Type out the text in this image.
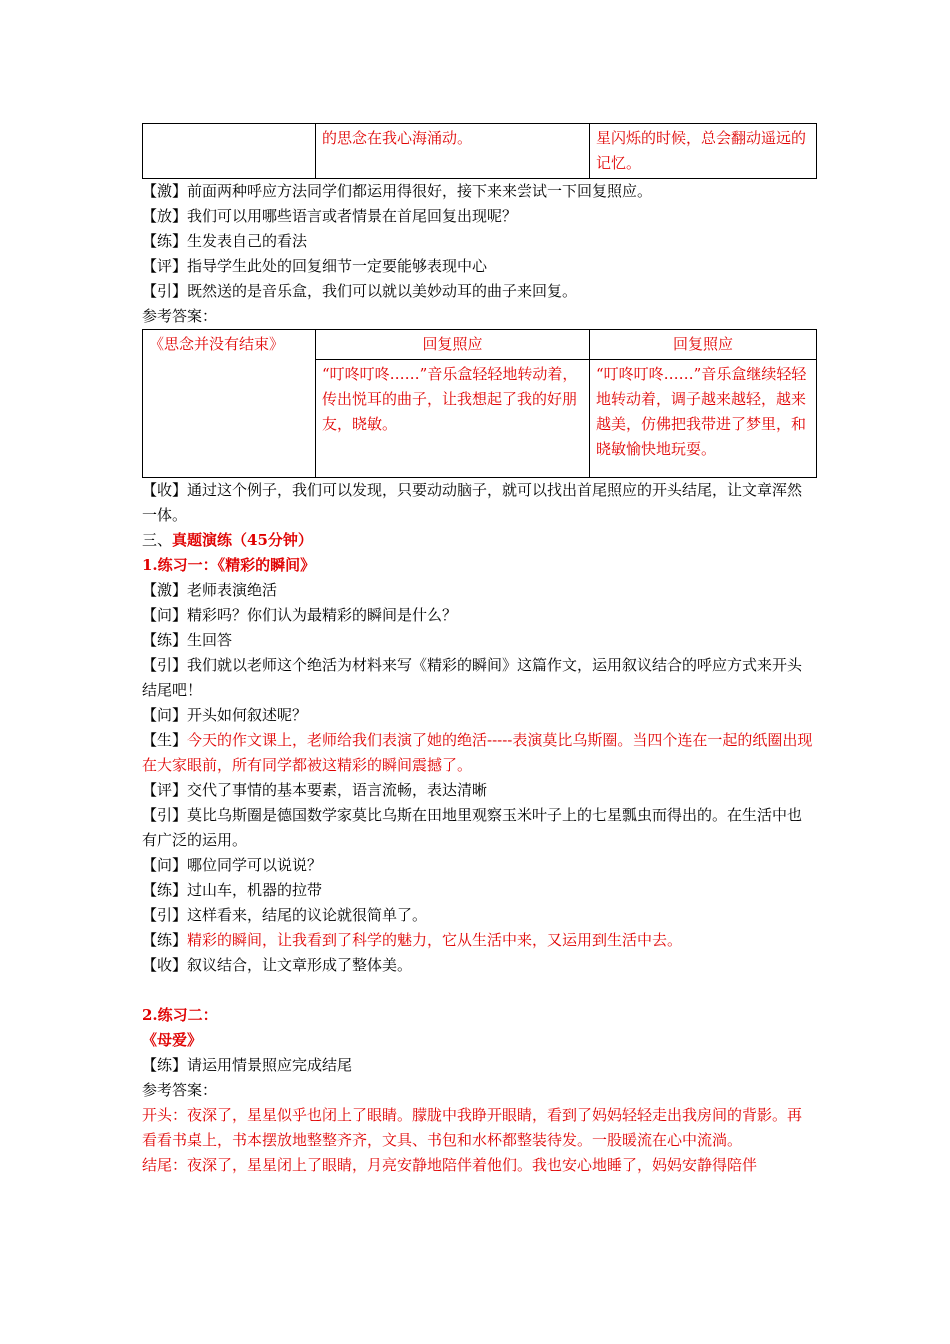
	的思念在我心海涌动。	星闪烁的时候，总会翻动遥远的记忆。
【激】前面两种呼应方法同学们都运用得很好，接下来来尝试一下回复照应。
【放】我们可以用哪些语言或者情景在首尾回复出现呢？
【练】生发表自己的看法
【评】指导学生此处的回复细节一定要能够表现中心
【引】既然送的是音乐盒，我们可以就以美妙动耳的曲子来回复。
参考答案：
《思念并没有结束》	回复照应	回复照应
	“叮咚叮咚……”音乐盒轻轻地转动着，传出悦耳的曲子，让我想起了我的好朋友，晓敏。	“叮咚叮咚……”音乐盒继续轻轻地转动着，调子越来越轻，越来越美，仿佛把我带进了梦里，和晓敏愉快地玩耍。
【收】通过这个例子，我们可以发现，只要动动脑子，就可以找出首尾照应的开头结尾，让文章浑然一体。
三、真题演练（45分钟）
1.练习一：《精彩的瞬间》
【激】老师表演绝活
【问】精彩吗？你们认为最精彩的瞬间是什么？
【练】生回答
【引】我们就以老师这个绝活为材料来写《精彩的瞬间》这篇作文，运用叙议结合的呼应方式来开头结尾吧！
【问】开头如何叙述呢？
【生】今天的作文课上，老师给我们表演了她的绝活-----表演莫比乌斯圈。当四个连在一起的纸圈出现在大家眼前，所有同学都被这精彩的瞬间震撼了。
【评】交代了事情的基本要素，语言流畅，表达清晰
【引】莫比乌斯圈是德国数学家莫比乌斯在田地里观察玉米叶子上的七星瓢虫而得出的。在生活中也有广泛的运用。
【问】哪位同学可以说说？
【练】过山车，机器的拉带
【引】这样看来，结尾的议论就很简单了。
【练】精彩的瞬间，让我看到了科学的魅力，它从生活中来，又运用到生活中去。
【收】叙议结合，让文章形成了整体美。
2.练习二：
《母爱》
【练】请运用情景照应完成结尾
参考答案：
开头：夜深了，星星似乎也闭上了眼睛。朦胧中我睁开眼睛，看到了妈妈轻轻走出我房间的背影。再看看书桌上，书本摆放地整整齐齐，文具、书包和水杯都整装待发。一股暖流在心中流淌。
结尾：夜深了，星星闭上了眼睛，月亮安静地陪伴着他们。我也安心地睡了，妈妈安静得陪伴
